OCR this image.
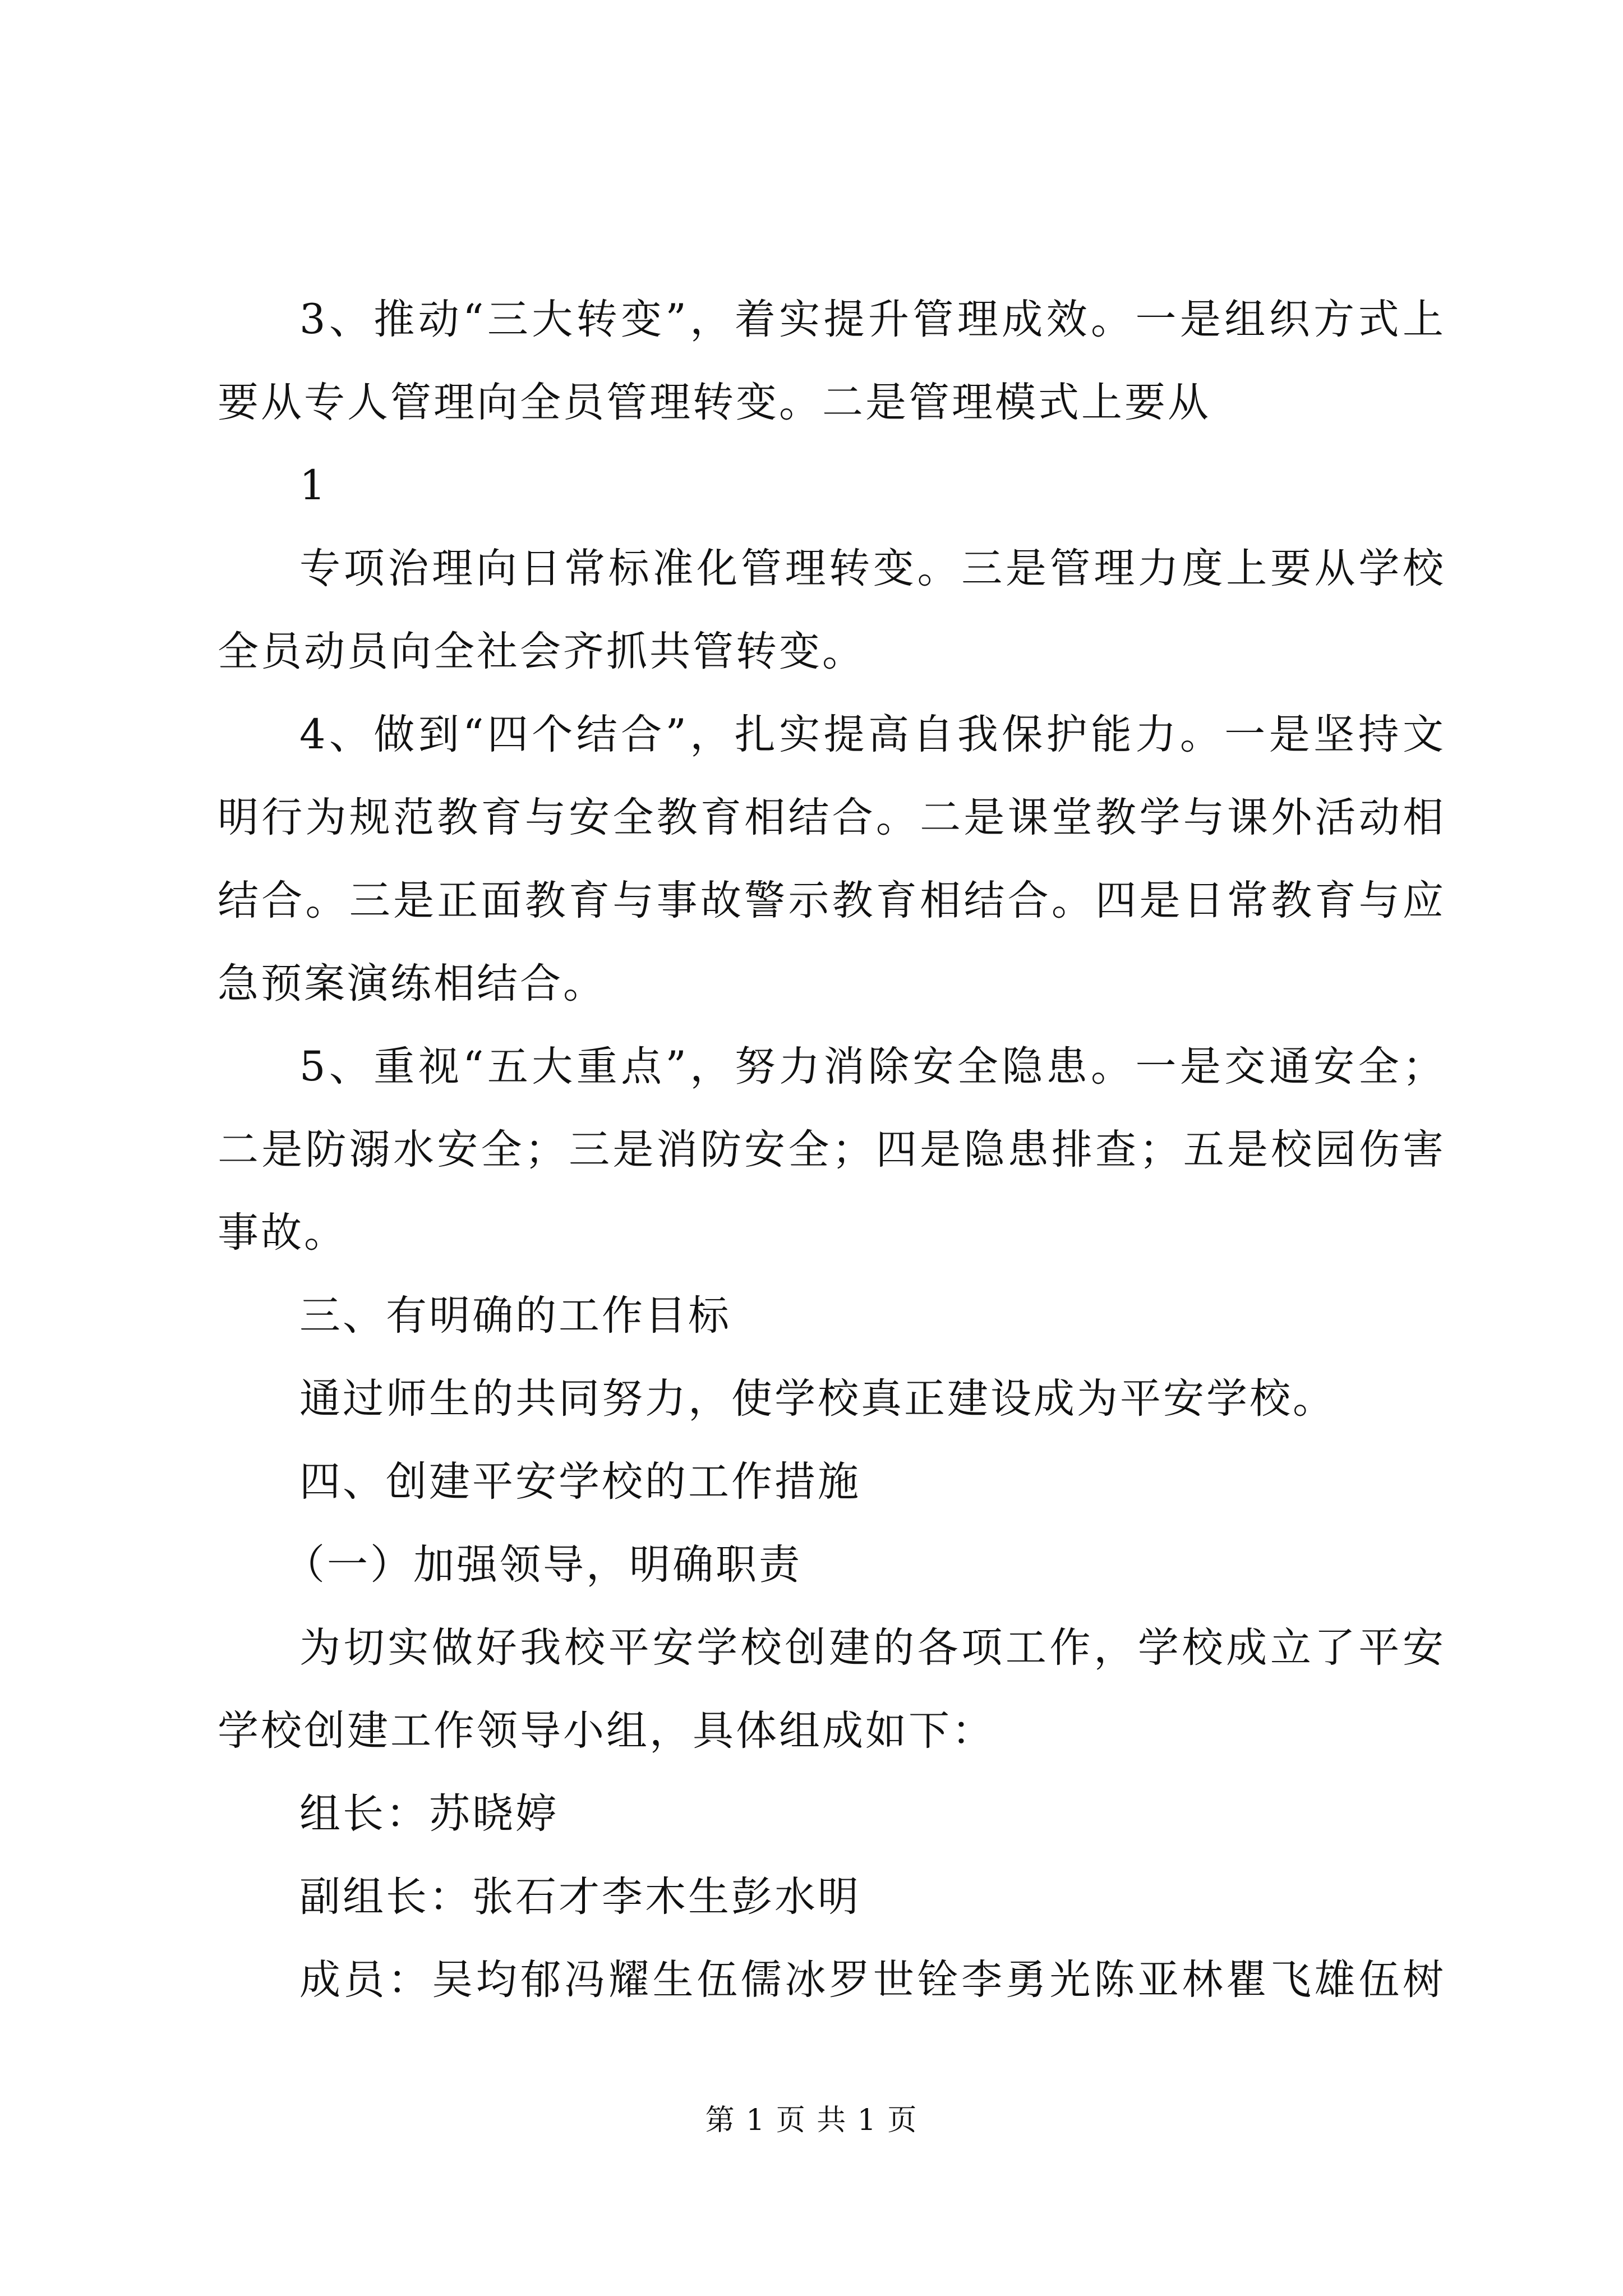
3、推动“三大转变”，着实提升管理成效。一是组织方式上
要从专人管理向全员管理转变。二是管理模式上要从
1
专项治理向日常标准化管理转变。三是管理力度上要从学校
全员动员向全社会齐抓共管转变。
4、做到“四个结合”，扎实提高自我保护能力。一是坚持文
明行为规范教育与安全教育相结合。二是课堂教学与课外活动相
结合。三是正面教育与事故警示教育相结合。四是日常教育与应
急预案演练相结合。
5、重视“五大重点”，努力消除安全隐患。一是交通安全；
二是防溺水安全；三是消防安全；四是隐患排查；五是校园伤害
事故。
三、有明确的工作目标
通过师生的共同努力，使学校真正建设成为平安学校。
四、创建平安学校的工作措施
（一）加强领导，明确职责
为切实做好我校平安学校创建的各项工作，学校成立了平安
学校创建工作领导小组，具体组成如下：
组长：苏晓婷
副组长：张石才李木生彭水明
成员：吴均郁冯耀生伍儒冰罗世铨李勇光陈亚林瞿飞雄伍树
第 1 页 共 1 页
